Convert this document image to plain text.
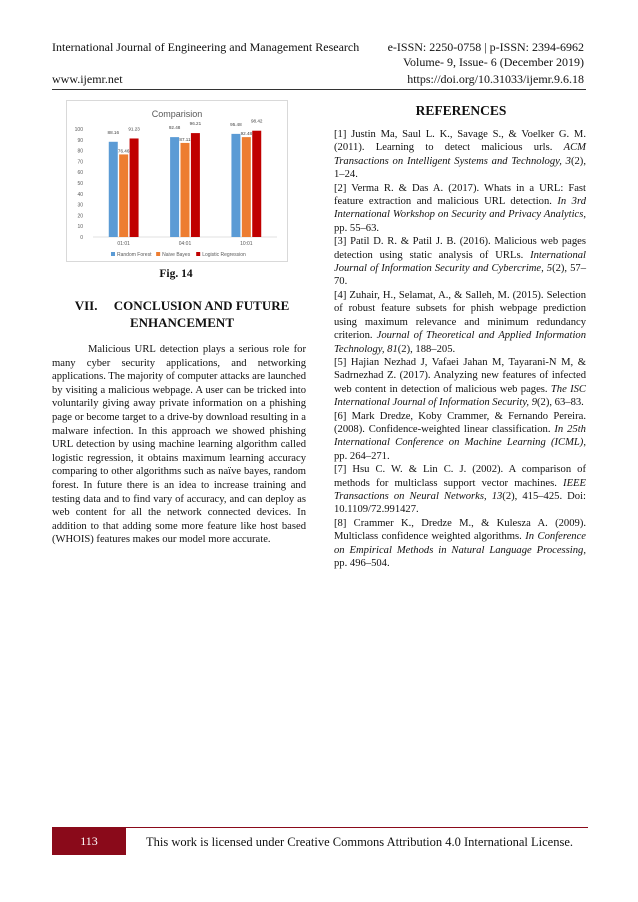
International Journal of Engineering and Management Research e-ISSN: 2250-0758 | p-ISSN: 2394-6962
Volume- 9, Issue- 6 (December 2019)
www.ijemr.net	https://doi.org/10.31033/ijemr.9.6.18
Comparision
0
10
20
30
40
50
60
70
80
90
100
01:01
88.16
76.46
91.23
04:01
92.48
87.11
96.21
10:01
95.48
92.48
98.42
Random Forest Naive Bayes Logistic Regression
Fig. 14
VII.     CONCLUSION AND FUTURE
ENHANCEMENT

Malicious URL detection plays a serious role for many cyber security applications, and networking applications. The majority of computer attacks are launched by visiting a malicious webpage. A user can be tricked into voluntarily giving away private information on a phishing page or become target to a drive-by download resulting in a malware infection. In this approach we showed phishing URL detection by using machine learning algorithm called logistic regression, it obtains maximum learning accuracy comparing to other algorithms such as naïve bayes, random forest. In future there is an idea to increase training and testing data and to find vary of accuracy, and can deploy as web content for all the network connected devices. In addition to that adding some more feature like host based (WHOIS) features makes our model more accurate.

REFERENCES

[1] Justin Ma, Saul L. K., Savage S., & Voelker G. M. (2011). Learning to detect malicious urls. ACM Transactions on Intelligent Systems and Technology, 3(2), 1–24.

[2] Verma R. & Das A. (2017). Whats in a URL: Fast feature extraction and malicious URL detection. In 3rd International Workshop on Security and Privacy Analytics, pp. 55–63.

[3] Patil D. R. & Patil J. B. (2016). Malicious web pages detection using static analysis of URLs. International Journal of Information Security and Cybercrime, 5(2), 57–70.

[4] Zuhair, H., Selamat, A., & Salleh, M. (2015). Selection of robust feature subsets for phish webpage prediction using maximum relevance and minimum redundancy criterion. Journal of Theoretical and Applied Information Technology, 81(2), 188–205.

[5] Hajian Nezhad J, Vafaei Jahan M, Tayarani-N M, & Sadrnezhad Z. (2017). Analyzing new features of infected web content in detection of malicious web pages. The ISC International Journal of Information Security, 9(2), 63–83.

[6] Mark Dredze, Koby Crammer, & Fernando Pereira. (2008). Confidence-weighted linear classification. In 25th International Conference on Machine Learning (ICML), pp. 264–271.

[7] Hsu C. W. & Lin C. J. (2002). A comparison of methods for multiclass support vector machines. IEEE Transactions on Neural Networks, 13(2), 415–425. Doi: 10.1109/72.991427.

[8] Crammer K., Dredze M., & Kulesza A. (2009). Multiclass confidence weighted algorithms. In Conference on Empirical Methods in Natural Language Processing, pp. 496–504.

113	This work is licensed under Creative Commons Attribution 4.0 International License.
